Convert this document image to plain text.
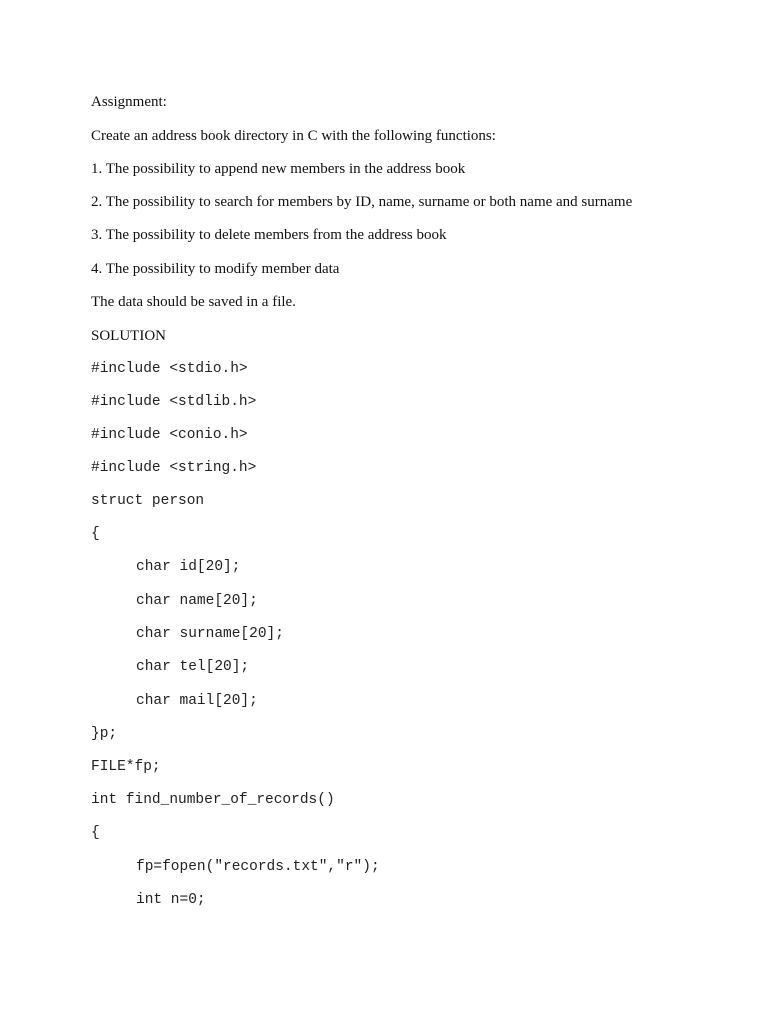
Assignment:
Create an address book directory in C with the following functions:
1. The possibility to append new members in the address book
2. The possibility to search for members by ID, name, surname or both name and surname
3. The possibility to delete members from the address book
4. The possibility to modify member data
The data should be saved in a file.
SOLUTION
#include <stdio.h>
#include <stdlib.h>
#include <conio.h>
#include <string.h>
struct person
{
char id[20];
char name[20];
char surname[20];
char tel[20];
char mail[20];
}p;
FILE*fp;
int find_number_of_records()
{
fp=fopen("records.txt","r");
int n=0;
